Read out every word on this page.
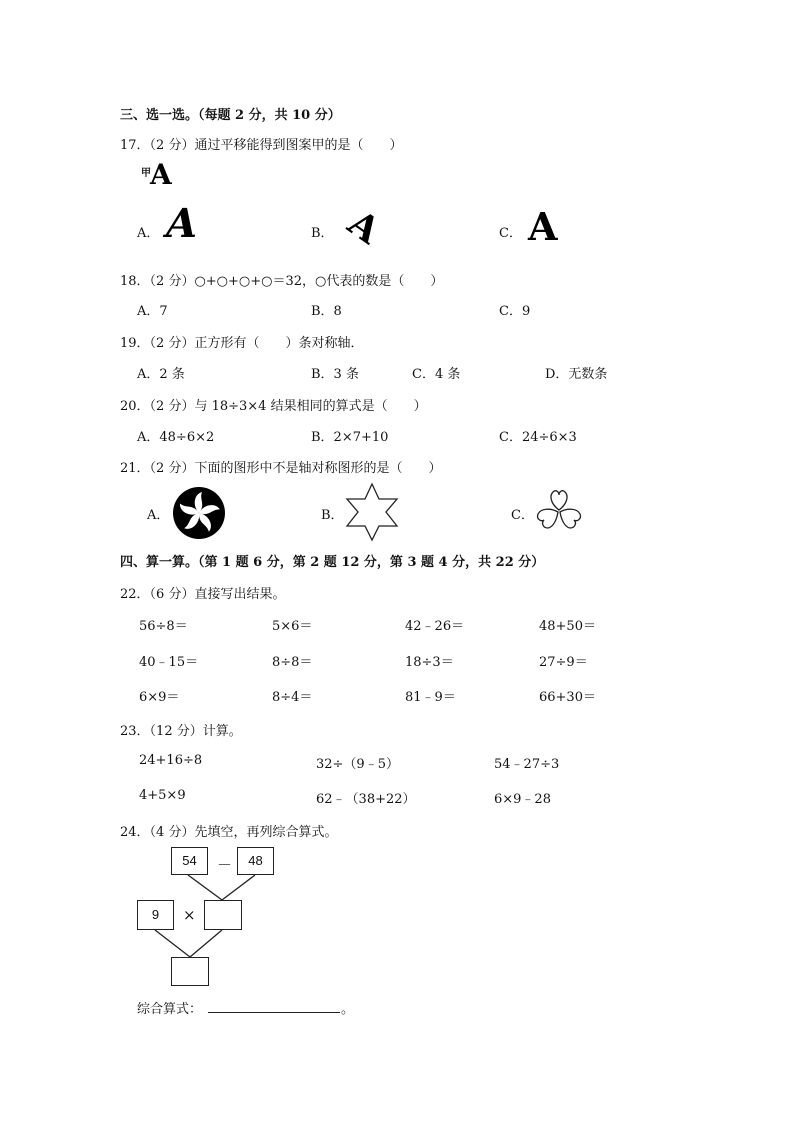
三、选一选。（每题 2 分，共 10 分）
17．（2 分）通过平移能得到图案甲的是（　　）
甲 A
A． A	B． A	C． A
18．（2 分）○+○+○+○＝32，○代表的数是（　　）
A．7	B．8	C．9
19．（2 分）正方形有（　　）条对称轴．
A．2 条	B．3 条	C．4 条	D．无数条
20．（2 分）与 18÷3×4 结果相同的算式是（　　）
A．48÷6×2	B．2×7+10	C．24÷6×3
21．（2 分）下面的图形中不是轴对称图形的是（　　）
A．	B．	C．
四、算一算。（第 1 题 6 分，第 2 题 12 分，第 3 题 4 分，共 22 分）
22．（6 分）直接写出结果。
56÷8＝	5×6＝	42﹣26＝	48+50＝
40﹣15＝	8÷8＝	18÷3＝	27÷9＝
6×9＝	8÷4＝	81﹣9＝	66+30＝
23．（12 分）计算。
24+16÷8	32÷（9﹣5）	54﹣27÷3
4+5×9	62﹣（38+22）	6×9﹣28
24．（4 分）先填空，再列综合算式。
54	－	48
9	×
综合算式：	。
